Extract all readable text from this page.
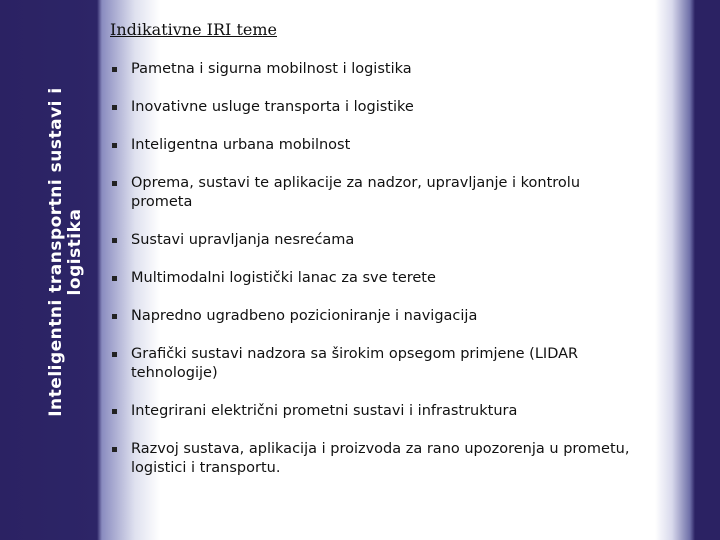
Inteligentni transportni sustavi i logistika
Indikativne IRI teme
Pametna i sigurna mobilnost i logistika
Inovativne usluge transporta i logistike
Inteligentna urbana mobilnost
Oprema, sustavi te aplikacije za nadzor, upravljanje i kontrolu prometa
Sustavi upravljanja nesrećama
Multimodalni logistički lanac za sve terete
Napredno ugradbeno pozicioniranje i navigacija
Grafički sustavi nadzora sa širokim opsegom primjene (LIDAR tehnologije)
Integrirani električni prometni sustavi i infrastruktura
Razvoj sustava, aplikacija i proizvoda za rano upozorenja u prometu, logistici i transportu.
